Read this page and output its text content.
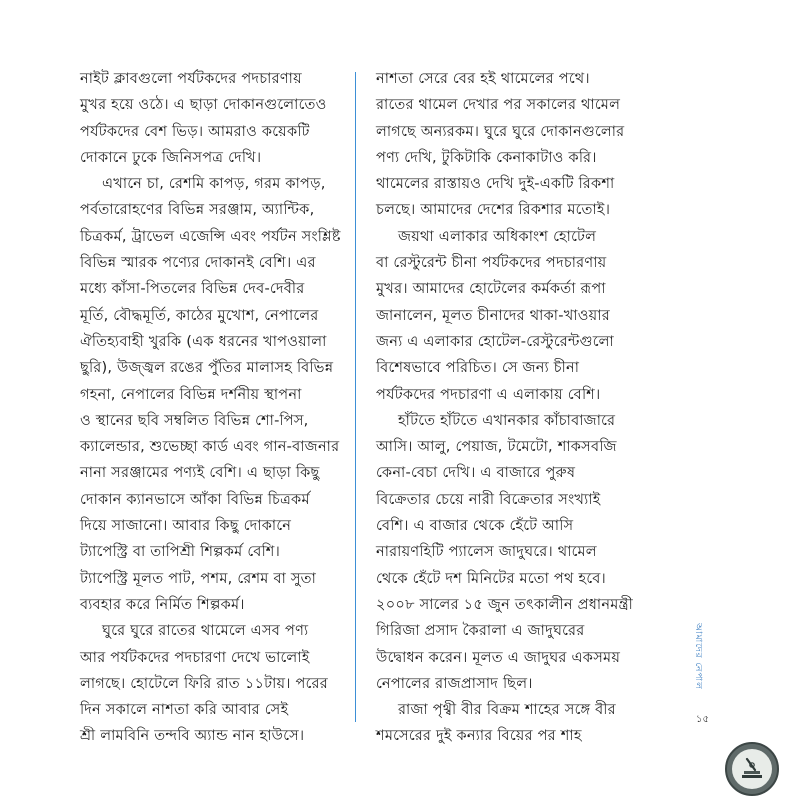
নাইট ক্লাবগুলো পর্যটকদের পদচারণায়
মুখর হয়ে ওঠে। এ ছাড়া দোকানগুলোতেও
পর্যটকদের বেশ ভিড়। আমরাও কয়েকটি
দোকানে ঢুকে জিনিসপত্র দেখি।
এখানে চা, রেশমি কাপড়, গরম কাপড়,
পর্বতারোহণের বিভিন্ন সরঞ্জাম, অ্যান্টিক,
চিত্রকর্ম, ট্রাভেল এজেন্সি এবং পর্যটন সংশ্লিষ্ট
বিভিন্ন স্মারক পণ্যের দোকানই বেশি। এর
মধ্যে কাঁসা-পিতলের বিভিন্ন দেব-দেবীর
মূর্তি, বৌদ্ধমূর্তি, কাঠের মুখোশ, নেপালের
ঐতিহ্যবাহী খুরকি (এক ধরনের খাপওয়ালা
ছুরি), উজ্জ্বল রঙের পুঁতির মালাসহ বিভিন্ন
গহনা, নেপালের বিভিন্ন দর্শনীয় স্থাপনা
ও স্থানের ছবি সম্বলিত বিভিন্ন শো-পিস,
ক্যালেন্ডার, শুভেচ্ছা কার্ড এবং গান-বাজনার
নানা সরঞ্জামের পণ্যই বেশি। এ ছাড়া কিছু
দোকান ক্যানভাসে আঁকা বিভিন্ন চিত্রকর্ম
দিয়ে সাজানো। আবার কিছু দোকানে
ট্যাপেস্ট্রি বা তাপিশ্রী শিল্পকর্ম বেশি।
ট্যাপেস্ট্রি মূলত পাট, পশম, রেশম বা সুতা
ব্যবহার করে নির্মিত শিল্পকর্ম।
ঘুরে ঘুরে রাতের থামেলে এসব পণ্য
আর পর্যটকদের পদচারণা দেখে ভালোই
লাগছে। হোটেলে ফিরি রাত ১১টায়। পরের
দিন সকালে নাশতা করি আবার সেই
শ্রী লামবিনি তন্দবি অ্যান্ড নান হাউসে।
নাশতা সেরে বের হই থামেলের পথে।
রাতের থামেল দেখার পর সকালের থামেল
লাগছে অন্যরকম। ঘুরে ঘুরে দোকানগুলোর
পণ্য দেখি, টুকিটাকি কেনাকাটাও করি।
থামেলের রাস্তায়ও দেখি দুই-একটি রিকশা
চলছে। আমাদের দেশের রিকশার মতোই।
জয়থা এলাকার অধিকাংশ হোটেল
বা রেস্টুরেন্ট চীনা পর্যটকদের পদচারণায়
মুখর। আমাদের হোটেলের কর্মকর্তা রূপা
জানালেন, মূলত চীনাদের থাকা-খাওয়ার
জন্য এ এলাকার হোটেল-রেস্টুরেন্টগুলো
বিশেষভাবে পরিচিত। সে জন্য চীনা
পর্যটকদের পদচারণা এ এলাকায় বেশি।
হাঁটতে হাঁটতে এখানকার কাঁচাবাজারে
আসি। আলু, পেয়াজ, টমেটো, শাকসবজি
কেনা-বেচা দেখি। এ বাজারে পুরুষ
বিক্রেতার চেয়ে নারী বিক্রেতার সংখ্যাই
বেশি। এ বাজার থেকে হেঁটে আসি
নারায়ণহিটি প্যালেস জাদুঘরে। থামেল
থেকে হেঁটে দশ মিনিটের মতো পথ হবে।
২০০৮ সালের ১৫ জুন তৎকালীন প্রধানমন্ত্রী
গিরিজা প্রসাদ কৈরালা এ জাদুঘরের
উদ্বোধন করেন। মূলত এ জাদুঘর একসময়
নেপালের রাজপ্রাসাদ ছিল।
রাজা পৃথ্বী বীর বিক্রম শাহের সঙ্গে বীর
শমসেরের দুই কন্যার বিয়ের পর শাহ
আমাদের নেপাল
১৫
